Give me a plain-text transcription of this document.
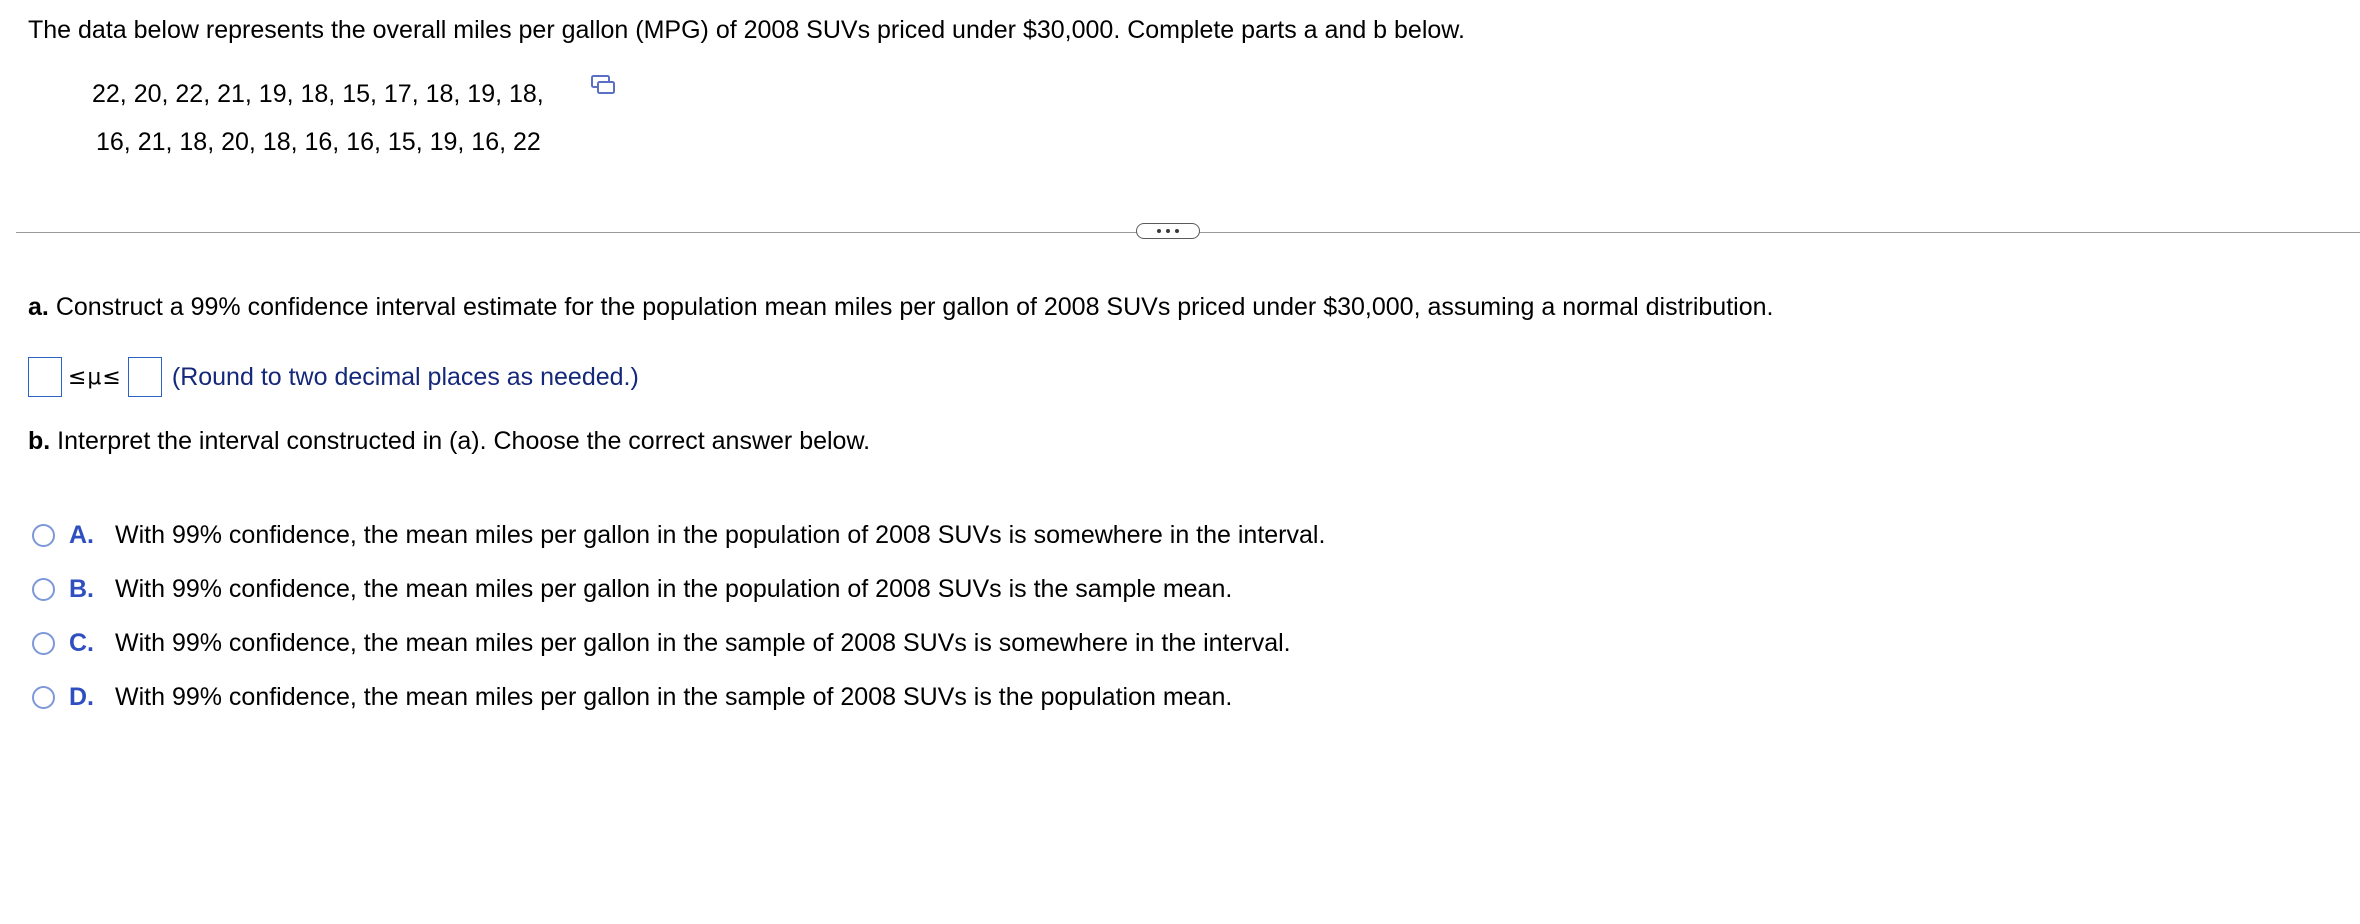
The data below represents the overall miles per gallon (MPG) of 2008 SUVs priced under $30,000. Complete parts a and b below.
22, 20, 22, 21, 19, 18, 15, 17, 18, 19, 18,
16, 21, 18, 20, 18, 16, 16, 15, 19, 16, 22
a. Construct a 99% confidence interval estimate for the population mean miles per gallon of 2008 SUVs priced under $30,000, assuming a normal distribution.
≤μ≤ (Round to two decimal places as needed.)
b. Interpret the interval constructed in (a). Choose the correct answer below.
A. With 99% confidence, the mean miles per gallon in the population of 2008 SUVs is somewhere in the interval.
B. With 99% confidence, the mean miles per gallon in the population of 2008 SUVs is the sample mean.
C. With 99% confidence, the mean miles per gallon in the sample of 2008 SUVs is somewhere in the interval.
D. With 99% confidence, the mean miles per gallon in the sample of 2008 SUVs is the population mean.
